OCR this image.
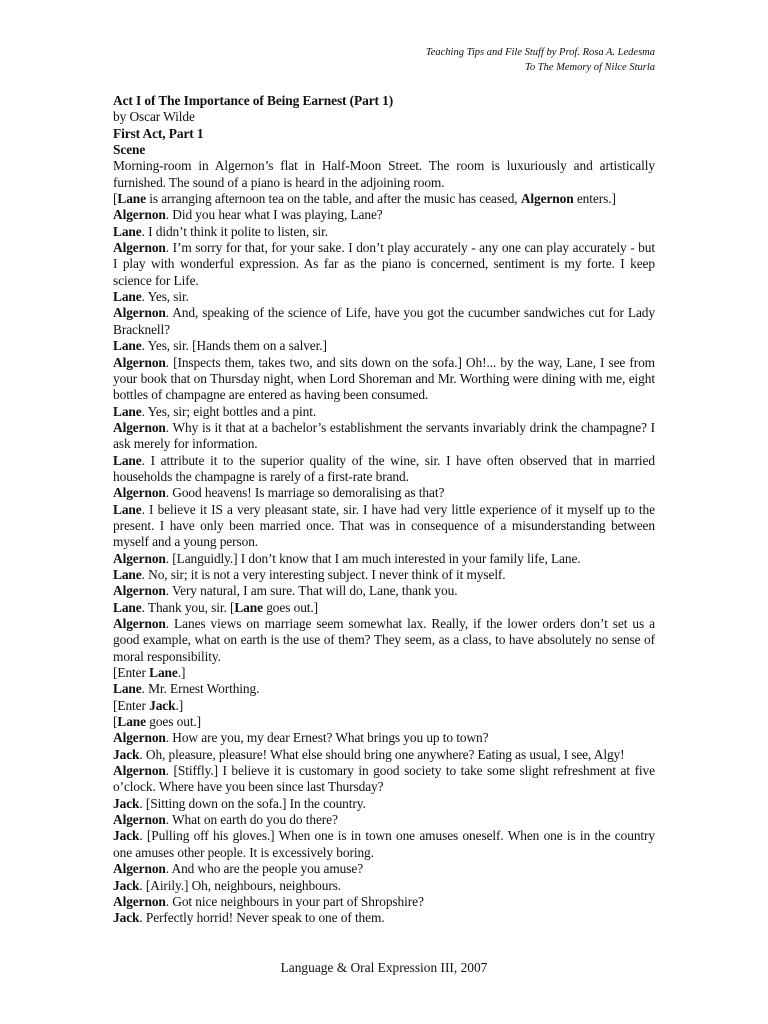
Teaching Tips and File Stuff by Prof. Rosa A. Ledesma
To The Memory of Nilce Sturla

Act I of The Importance of Being Earnest (Part 1)

by Oscar Wilde

First Act, Part 1

Scene

Morning-room in Algernon’s flat in Half-Moon Street. The room is luxuriously and artistically furnished. The sound of a piano is heard in the adjoining room.

[Lane is arranging afternoon tea on the table, and after the music has ceased, Algernon enters.]

Algernon. Did you hear what I was playing, Lane?

Lane. I didn’t think it polite to listen, sir.

Algernon. I’m sorry for that, for your sake. I don’t play accurately - any one can play accurately - but I play with wonderful expression. As far as the piano is concerned, sentiment is my forte. I keep science for Life.

Lane. Yes, sir.

Algernon. And, speaking of the science of Life, have you got the cucumber sandwiches cut for Lady Bracknell?

Lane. Yes, sir. [Hands them on a salver.]

Algernon. [Inspects them, takes two, and sits down on the sofa.] Oh!... by the way, Lane, I see from your book that on Thursday night, when Lord Shoreman and Mr. Worthing were dining with me, eight bottles of champagne are entered as having been consumed.

Lane. Yes, sir; eight bottles and a pint.

Algernon. Why is it that at a bachelor’s establishment the servants invariably drink the champagne? I ask merely for information.

Lane. I attribute it to the superior quality of the wine, sir. I have often observed that in married households the champagne is rarely of a first-rate brand.

Algernon. Good heavens! Is marriage so demoralising as that?

Lane. I believe it IS a very pleasant state, sir. I have had very little experience of it myself up to the present. I have only been married once. That was in consequence of a misunderstanding between myself and a young person.

Algernon. [Languidly.] I don’t know that I am much interested in your family life, Lane.

Lane. No, sir; it is not a very interesting subject. I never think of it myself.

Algernon. Very natural, I am sure. That will do, Lane, thank you.

Lane. Thank you, sir. [Lane goes out.]

Algernon. Lanes views on marriage seem somewhat lax. Really, if the lower orders don’t set us a good example, what on earth is the use of them? They seem, as a class, to have absolutely no sense of moral responsibility.

[Enter Lane.]

Lane. Mr. Ernest Worthing.

[Enter Jack.]

[Lane goes out.]

Algernon. How are you, my dear Ernest? What brings you up to town?

Jack. Oh, pleasure, pleasure! What else should bring one anywhere? Eating as usual, I see, Algy!

Algernon. [Stiffly.] I believe it is customary in good society to take some slight refreshment at five o’clock. Where have you been since last Thursday?

Jack. [Sitting down on the sofa.] In the country.

Algernon. What on earth do you do there?

Jack. [Pulling off his gloves.] When one is in town one amuses oneself. When one is in the country one amuses other people. It is excessively boring.

Algernon. And who are the people you amuse?

Jack. [Airily.] Oh, neighbours, neighbours.

Algernon. Got nice neighbours in your part of Shropshire?

Jack. Perfectly horrid! Never speak to one of them.

Language & Oral Expression III, 2007
